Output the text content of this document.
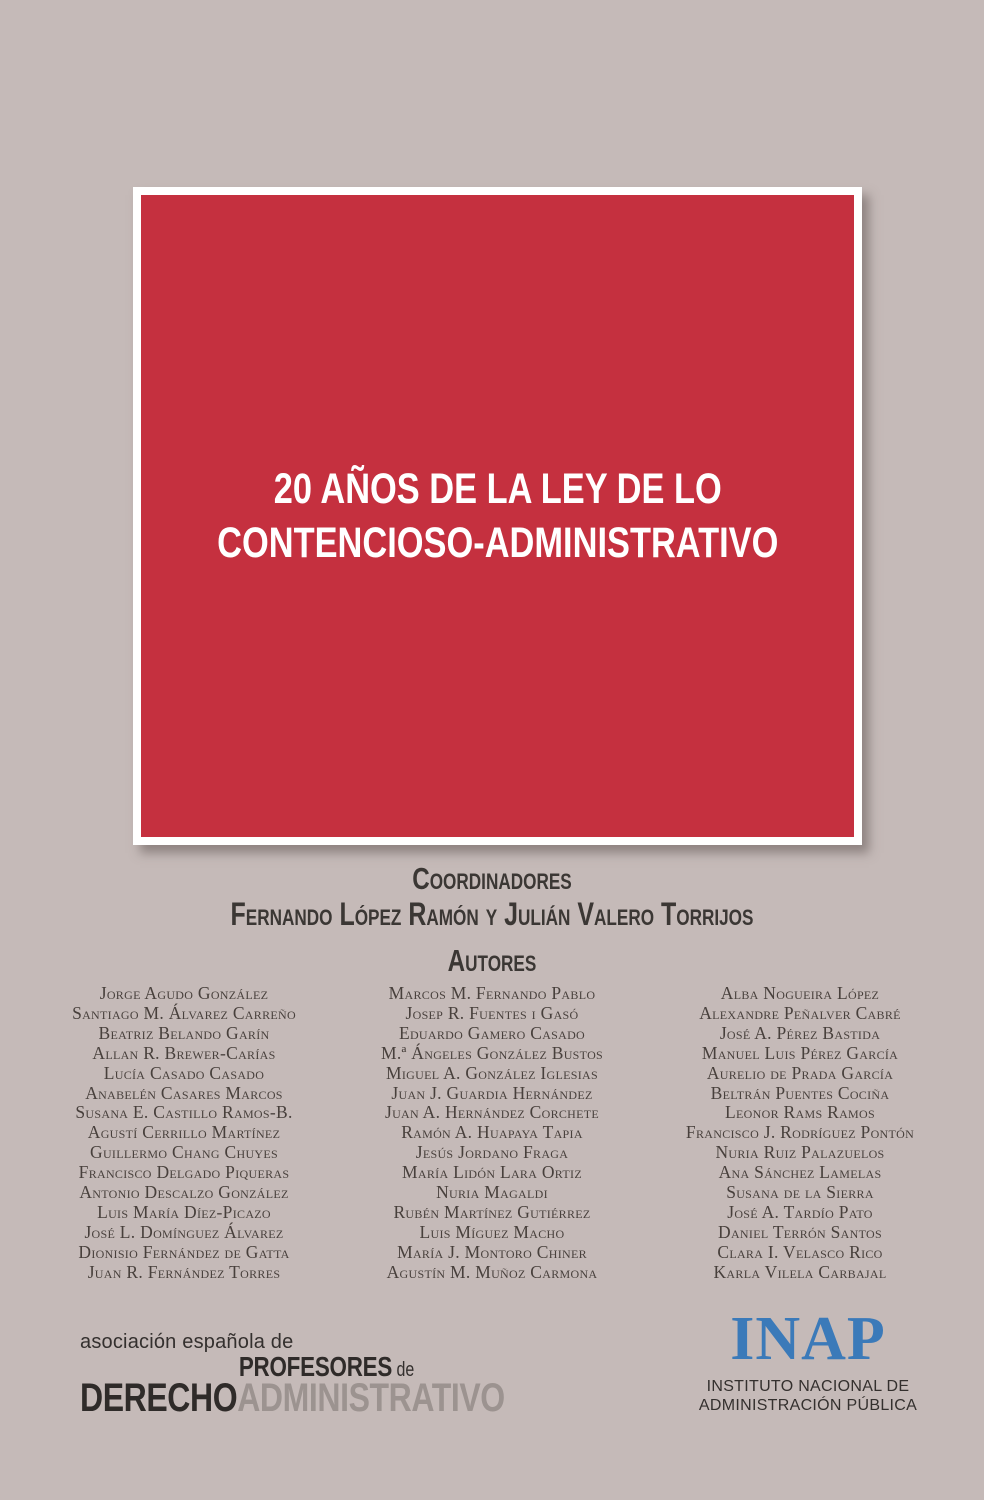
20 AÑOS DE LA LEY DE LO
CONTENCIOSO-ADMINISTRATIVO
Coordinadores
Fernando López Ramón y Julián Valero Torrijos
Autores
Jorge Agudo González
Santiago M. Álvarez Carreño
Beatriz Belando Garín
Allan R. Brewer-Carías
Lucía Casado Casado
Anabelén Casares Marcos
Susana E. Castillo Ramos-B.
Agustí Cerrillo Martínez
Guillermo Chang Chuyes
Francisco Delgado Piqueras
Antonio Descalzo González
Luis María Díez-Picazo
José L. Domínguez Álvarez
Dionisio Fernández de Gatta
Juan R. Fernández Torres
Marcos M. Fernando Pablo
Josep R. Fuentes i Gasó
Eduardo Gamero Casado
M.ª Ángeles González Bustos
Miguel A. González Iglesias
Juan J. Guardia Hernández
Juan A. Hernández Corchete
Ramón A. Huapaya Tapia
Jesús Jordano Fraga
María Lidón Lara Ortiz
Nuria Magaldi
Rubén Martínez Gutiérrez
Luis Míguez Macho
María J. Montoro Chiner
Agustín M. Muñoz Carmona
Alba Nogueira López
Alexandre Peñalver Cabré
José A. Pérez Bastida
Manuel Luis Pérez García
Aurelio de Prada García
Beltrán Puentes Cociña
Leonor Rams Ramos
Francisco J. Rodríguez Pontón
Nuria Ruiz Palazuelos
Ana Sánchez Lamelas
Susana de la Sierra
José A. Tardío Pato
Daniel Terrón Santos
Clara I. Velasco Rico
Karla Vilela Carbajal
asociación española de
PROFESORES de
DERECHOADMINISTRATIVO
INAP
INSTITUTO NACIONAL DE
ADMINISTRACIÓN PÚBLICA
